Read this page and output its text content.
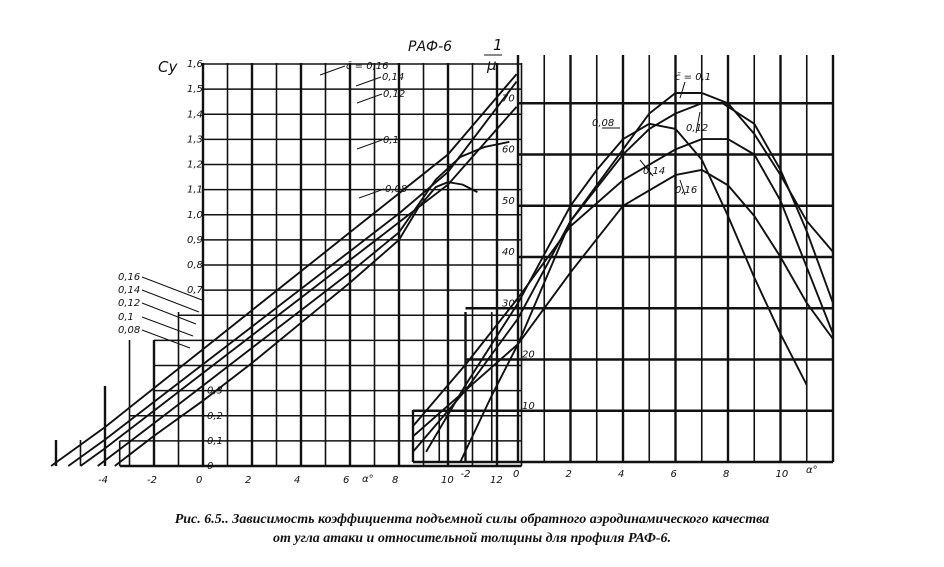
РАФ-6
0
0,1
0,2
0,3
0,7
0,8
0,9
1,0
1,1
1,2
1,3
1,4
1,5
1,6
-4	-2	0	2	4	6	8	10	12
α°
Cy	c̄ = 0,16
0,14
0,12
0,1
0,08
0,16
0,14
0,12
0,1
0,08
10
20
30
40
50
60
70
-2	0	2	4	6	8	10 α°
1
μ
c̄ = 0,1
0,08	0,12
0,14
0,16
Рис. 6.5.. Зависимость коэффициента подъемной силы обратного аэродинамического качества
от угла атаки и относительной толщины для профиля РАФ-6.
